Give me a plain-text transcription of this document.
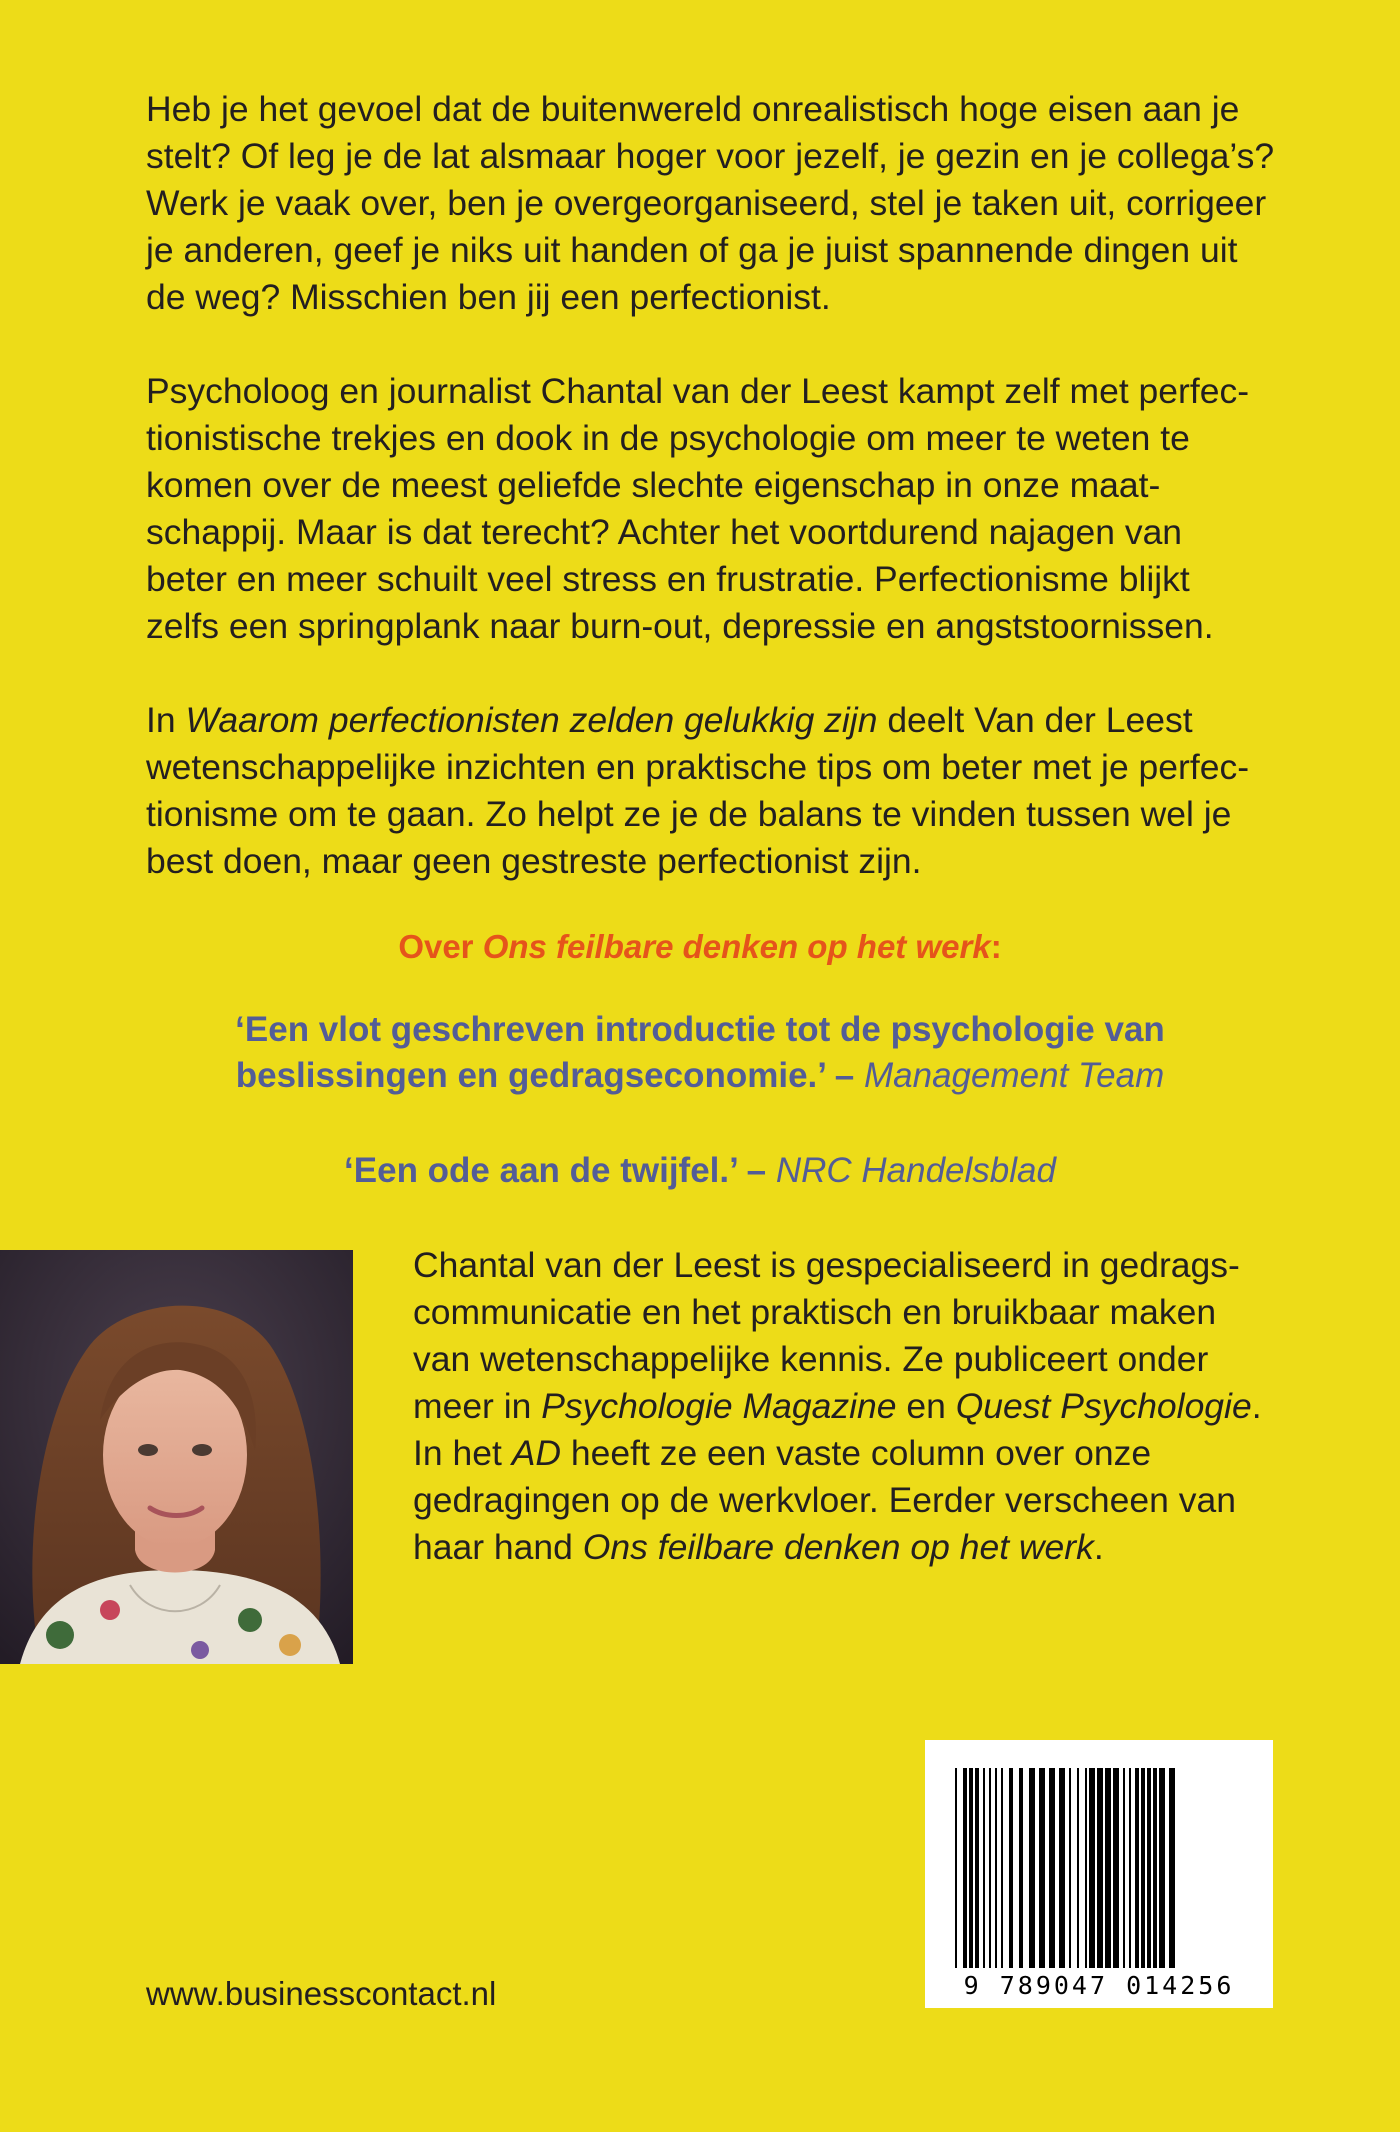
Heb je het gevoel dat de buitenwereld onrealistisch hoge eisen aan je
stelt? Of leg je de lat alsmaar hoger voor jezelf, je gezin en je collega’s?
Werk je vaak over, ben je overgeorganiseerd, stel je taken uit, corrigeer
je anderen, geef je niks uit handen of ga je juist spannende dingen uit
de weg? Misschien ben jij een perfectionist.
Psycholoog en journalist Chantal van der Leest kampt zelf met perfec-
tionistische trekjes en dook in de psychologie om meer te weten te
komen over de meest geliefde slechte eigenschap in onze maat-
schappij. Maar is dat terecht? Achter het voortdurend najagen van
beter en meer schuilt veel stress en frustratie. Perfectionisme blijkt
zelfs een springplank naar burn-out, depressie en angststoornissen.
In Waarom perfectionisten zelden gelukkig zijn deelt Van der Leest
wetenschappelijke inzichten en praktische tips om beter met je perfec-
tionisme om te gaan. Zo helpt ze je de balans te vinden tussen wel je
best doen, maar geen gestreste perfectionist zijn.

Over Ons feilbare denken op het werk:

‘Een vlot geschreven introductie tot de psychologie van
beslissingen en gedragseconomie.’ – Management Team
‘Een ode aan de twijfel.’ – NRC Handelsblad
Chantal van der Leest is gespecialiseerd in gedrags-
communicatie en het praktisch en bruikbaar maken
van wetenschappelijke kennis. Ze publiceert onder
meer in Psychologie Magazine en Quest Psychologie.
In het AD heeft ze een vaste column over onze
gedragingen op de werkvloer. Eerder verscheen van
haar hand Ons feilbare denken op het werk.

www.businesscontact.nl	9 789047 014256
